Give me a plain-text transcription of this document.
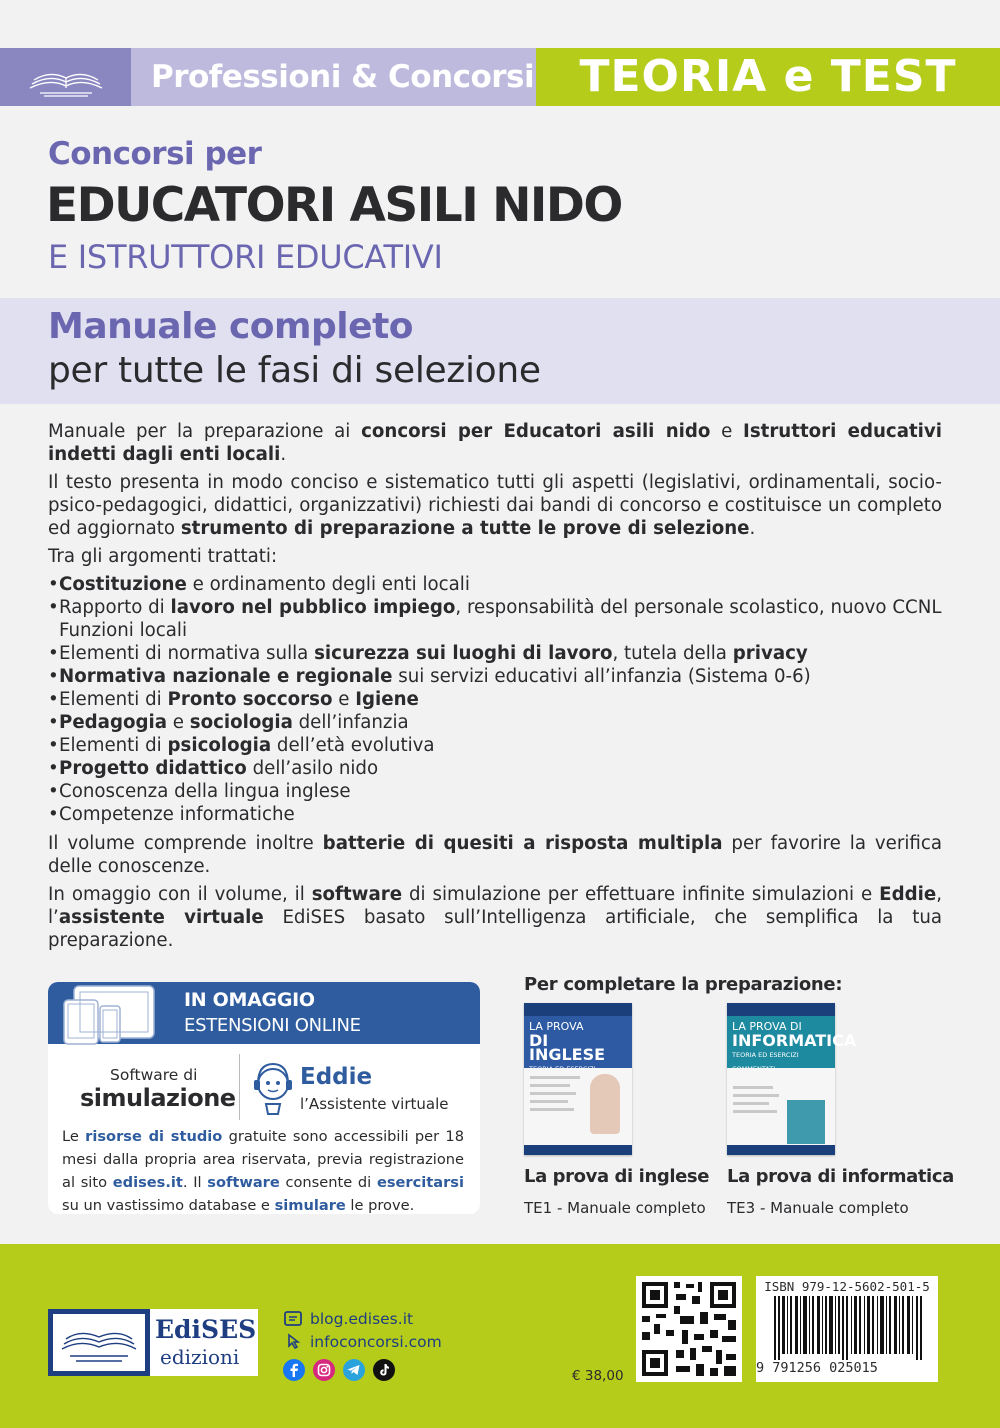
Professioni & Concorsi	TEORIA e TEST
Concorsi per
EDUCATORI ASILI NIDO
E ISTRUTTORI EDUCATIVI
Manuale completo
per tutte le fasi di selezione

Manuale per la preparazione ai concorsi per Educatori asili nido e Istruttori educativi indetti dagli enti locali.

Il testo presenta in modo conciso e sistematico tutti gli aspetti (legislativi, ordinamentali, socio-psico-pedagogici, didattici, organizzativi) richiesti dai bandi di concorso e costituisce un completo ed aggiornato strumento di preparazione a tutte le prove di selezione.

Tra gli argomenti trattati:

• Costituzione e ordinamento degli enti locali
• Rapporto di lavoro nel pubblico impiego, responsabilità del personale scolastico, nuovo CCNL Funzioni locali
• Elementi di normativa sulla sicurezza sui luoghi di lavoro, tutela della privacy
• Normativa nazionale e regionale sui servizi educativi all’infanzia (Sistema 0-6)
• Elementi di Pronto soccorso e Igiene
• Pedagogia e sociologia dell’infanzia
• Elementi di psicologia dell’età evolutiva
• Progetto didattico dell’asilo nido
• Conoscenza della lingua inglese
• Competenze informatiche

Il volume comprende inoltre batterie di quesiti a risposta multipla per favorire la verifica delle conoscenze.

In omaggio con il volume, il software di simulazione per effettuare infinite simulazioni e Eddie, l’assistente virtuale EdiSES basato sull’Intelligenza artificiale, che semplifica la tua preparazione.

IN OMAGGIO
ESTENSIONI ONLINE
Software di
simulazione
Eddie
l’Assistente virtuale
Le risorse di studio gratuite sono accessibili per 18 mesi dalla propria area riservata, previa registrazione al sito edises.it. Il software consente di esercitarsi su un vastissimo database e simulare le prove.
Per completare la preparazione:
LA PROVA
DI INGLESE
LA PROVA DI
INFORMATICA
TEORIA ED ESERCIZI
La prova di inglese
TE1 - Manuale completo
La prova di informatica
TE3 - Manuale completo
EdiSES
edizioni
blog.edises.it
infoconcorsi.com
€ 38,00
ISBN 979-12-5602-501-5
9 791256 025015
